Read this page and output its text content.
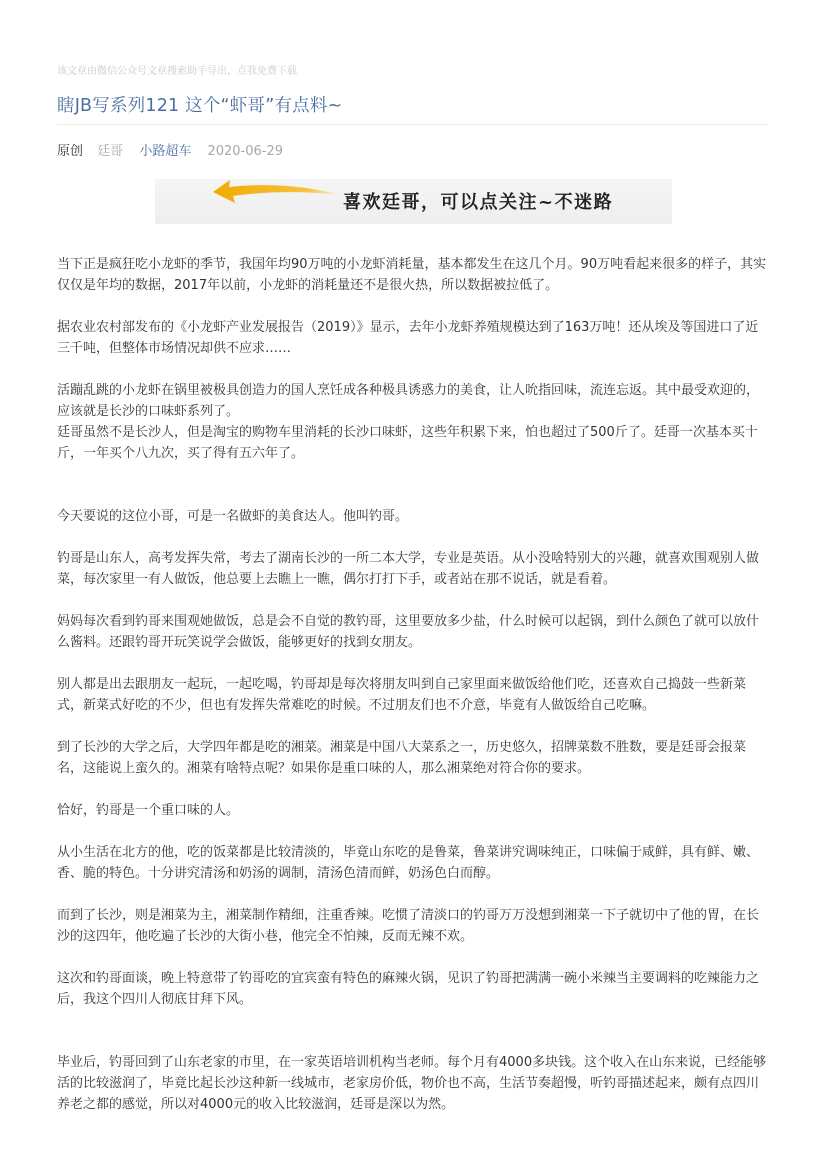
该文章由微信公众号文章搜索助手导出，点我免费下载
瞎JB写系列121 这个“虾哥”有点料~
原创 廷哥 小路超车 2020-06-29
喜欢廷哥，可以点关注~不迷路

当下正是疯狂吃小龙虾的季节，我国年均90万吨的小龙虾消耗量，基本都发生在这几个月。90万吨看起来很多的样子，其实仅仅是年均的数据，2017年以前，小龙虾的消耗量还不是很火热，所以数据被拉低了。

据农业农村部发布的《小龙虾产业发展报告（2019）》显示，去年小龙虾养殖规模达到了163万吨！还从埃及等国进口了近三千吨，但整体市场情况却供不应求……

活蹦乱跳的小龙虾在锅里被极具创造力的国人烹饪成各种极具诱惑力的美食，让人吮指回味，流连忘返。其中最受欢迎的，应该就是长沙的口味虾系列了。

廷哥虽然不是长沙人，但是淘宝的购物车里消耗的长沙口味虾，这些年积累下来，怕也超过了500斤了。廷哥一次基本买十斤，一年买个八九次，买了得有五六年了。

今天要说的这位小哥，可是一名做虾的美食达人。他叫钓哥。

钓哥是山东人，高考发挥失常，考去了湖南长沙的一所二本大学，专业是英语。从小没啥特别大的兴趣，就喜欢围观别人做菜，每次家里一有人做饭，他总要上去瞧上一瞧，偶尔打打下手，或者站在那不说话，就是看着。

妈妈每次看到钓哥来围观她做饭，总是会不自觉的教钓哥，这里要放多少盐，什么时候可以起锅，到什么颜色了就可以放什么酱料。还跟钓哥开玩笑说学会做饭，能够更好的找到女朋友。

别人都是出去跟朋友一起玩，一起吃喝，钓哥却是每次将朋友叫到自己家里面来做饭给他们吃，还喜欢自己捣鼓一些新菜式，新菜式好吃的不少，但也有发挥失常难吃的时候。不过朋友们也不介意，毕竟有人做饭给自己吃嘛。

到了长沙的大学之后，大学四年都是吃的湘菜。湘菜是中国八大菜系之一，历史悠久，招牌菜数不胜数，要是廷哥会报菜名，这能说上蛮久的。湘菜有啥特点呢？如果你是重口味的人，那么湘菜绝对符合你的要求。

恰好，钓哥是一个重口味的人。

从小生活在北方的他，吃的饭菜都是比较清淡的，毕竟山东吃的是鲁菜，鲁菜讲究调味纯正，口味偏于咸鲜，具有鲜、嫩、香、脆的特色。十分讲究清汤和奶汤的调制，清汤色清而鲜，奶汤色白而醇。

而到了长沙，则是湘菜为主，湘菜制作精细，注重香辣。吃惯了清淡口的钓哥万万没想到湘菜一下子就切中了他的胃，在长沙的这四年，他吃遍了长沙的大街小巷，他完全不怕辣，反而无辣不欢。

这次和钓哥面谈，晚上特意带了钓哥吃的宜宾蛮有特色的麻辣火锅，见识了钓哥把满满一碗小米辣当主要调料的吃辣能力之后，我这个四川人彻底甘拜下风。

毕业后，钓哥回到了山东老家的市里，在一家英语培训机构当老师。每个月有4000多块钱。这个收入在山东来说，已经能够活的比较滋润了，毕竟比起长沙这种新一线城市，老家房价低，物价也不高，生活节奏超慢，听钓哥描述起来，颇有点四川养老之都的感觉，所以对4000元的收入比较滋润，廷哥是深以为然。
